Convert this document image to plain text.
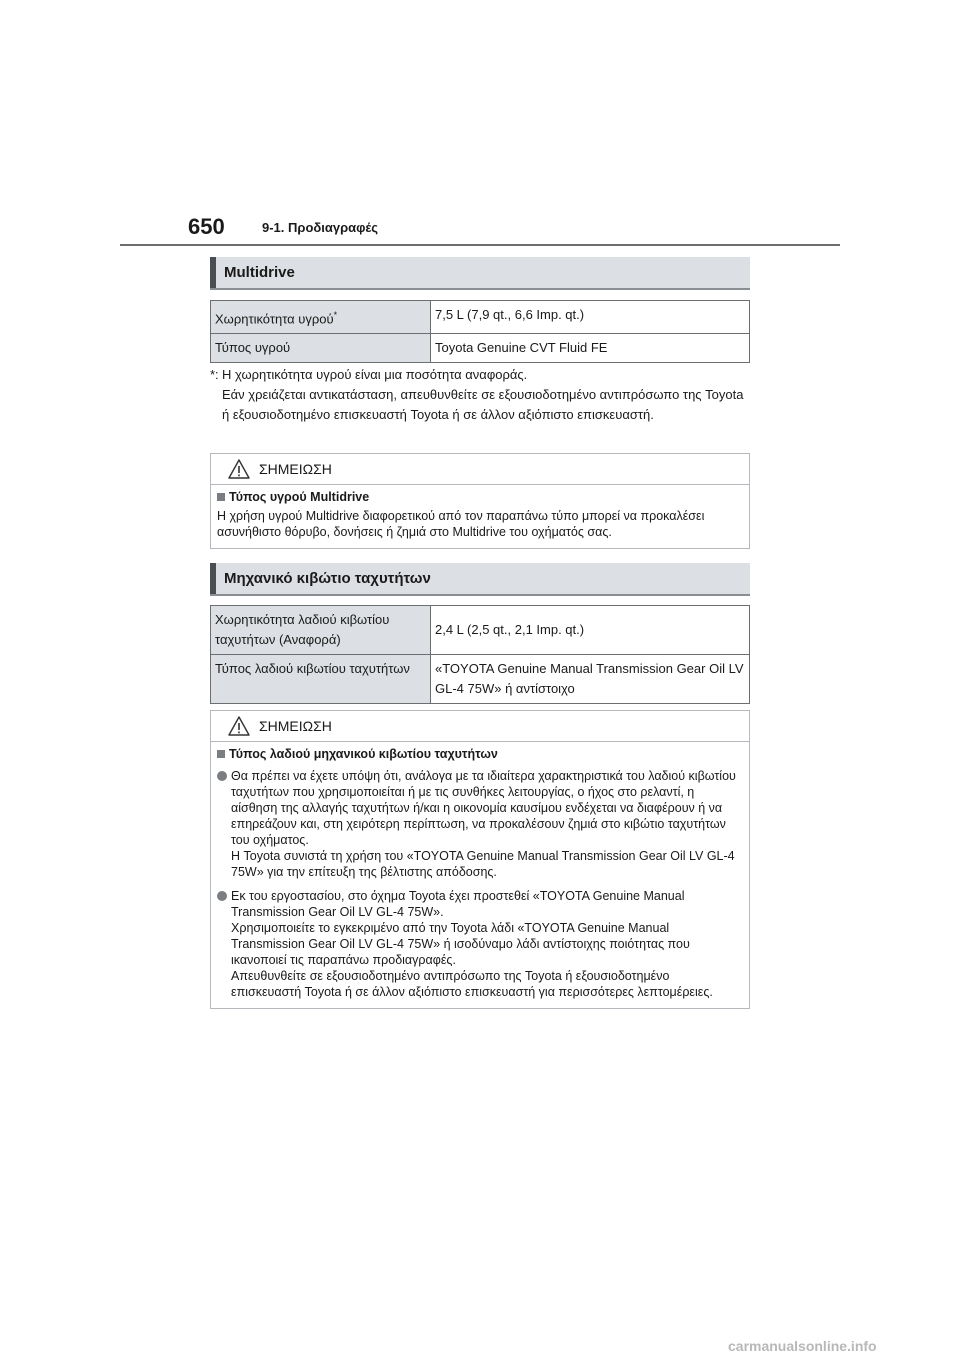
650	9-1. Προδιαγραφές
Multidrive
Χωρητικότητα υγρού*	7,5 L (7,9 qt., 6,6 Imp. qt.)
Τύπος υγρού	Toyota Genuine CVT Fluid FE
*: Η χωρητικότητα υγρού είναι μια ποσότητα αναφοράς.
Εάν χρειάζεται αντικατάσταση, απευθυνθείτε σε εξουσιοδοτημένο αντιπρόσωπο της Toyota ή εξουσιοδοτημένο επισκευαστή Toyota ή σε άλλον αξιόπιστο επισκευαστή.
ΣΗΜΕΙΩΣΗ
Τύπος υγρού Multidrive
Η χρήση υγρού Multidrive διαφορετικού από τον παραπάνω τύπο μπορεί να προκαλέσει ασυνήθιστο θόρυβο, δονήσεις ή ζημιά στο Multidrive του οχήματός σας.
Μηχανικό κιβώτιο ταχυτήτων
Χωρητικότητα λαδιού κιβωτίου ταχυτήτων (Αναφορά)	2,4 L (2,5 qt., 2,1 Imp. qt.)
Τύπος λαδιού κιβωτίου ταχυτήτων	«TOYOTA Genuine Manual Transmission Gear Oil LV GL-4 75W» ή αντίστοιχο
ΣΗΜΕΙΩΣΗ
Τύπος λαδιού μηχανικού κιβωτίου ταχυτήτων
Θα πρέπει να έχετε υπόψη ότι, ανάλογα με τα ιδιαίτερα χαρακτηριστικά του λαδιού κιβωτίου ταχυτήτων που χρησιμοποιείται ή με τις συνθήκες λειτουργίας, ο ήχος στο ρελαντί, η αίσθηση της αλλαγής ταχυτήτων ή/και η οικονομία καυσίμου ενδέχεται να διαφέρουν ή να επηρεάζουν και, στη χειρότερη περίπτωση, να προκαλέσουν ζημιά στο κιβώτιο ταχυτήτων του οχήματος.
Η Toyota συνιστά τη χρήση του «TOYOTA Genuine Manual Transmission Gear Oil LV GL-4 75W» για την επίτευξη της βέλτιστης απόδοσης.
Εκ του εργοστασίου, στο όχημα Toyota έχει προστεθεί «TOYOTA Genuine Manual Transmission Gear Oil LV GL-4 75W».
Χρησιμοποιείτε το εγκεκριμένο από την Toyota λάδι «TOYOTA Genuine Manual Transmission Gear Oil LV GL-4 75W» ή ισοδύναμο λάδι αντίστοιχης ποιότητας που ικανοποιεί τις παραπάνω προδιαγραφές.
Απευθυνθείτε σε εξουσιοδοτημένο αντιπρόσωπο της Toyota ή εξουσιοδοτημένο επισκευαστή Toyota ή σε άλλον αξιόπιστο επισκευαστή για περισσότερες λεπτομέρειες.
carmanualsonline.info
